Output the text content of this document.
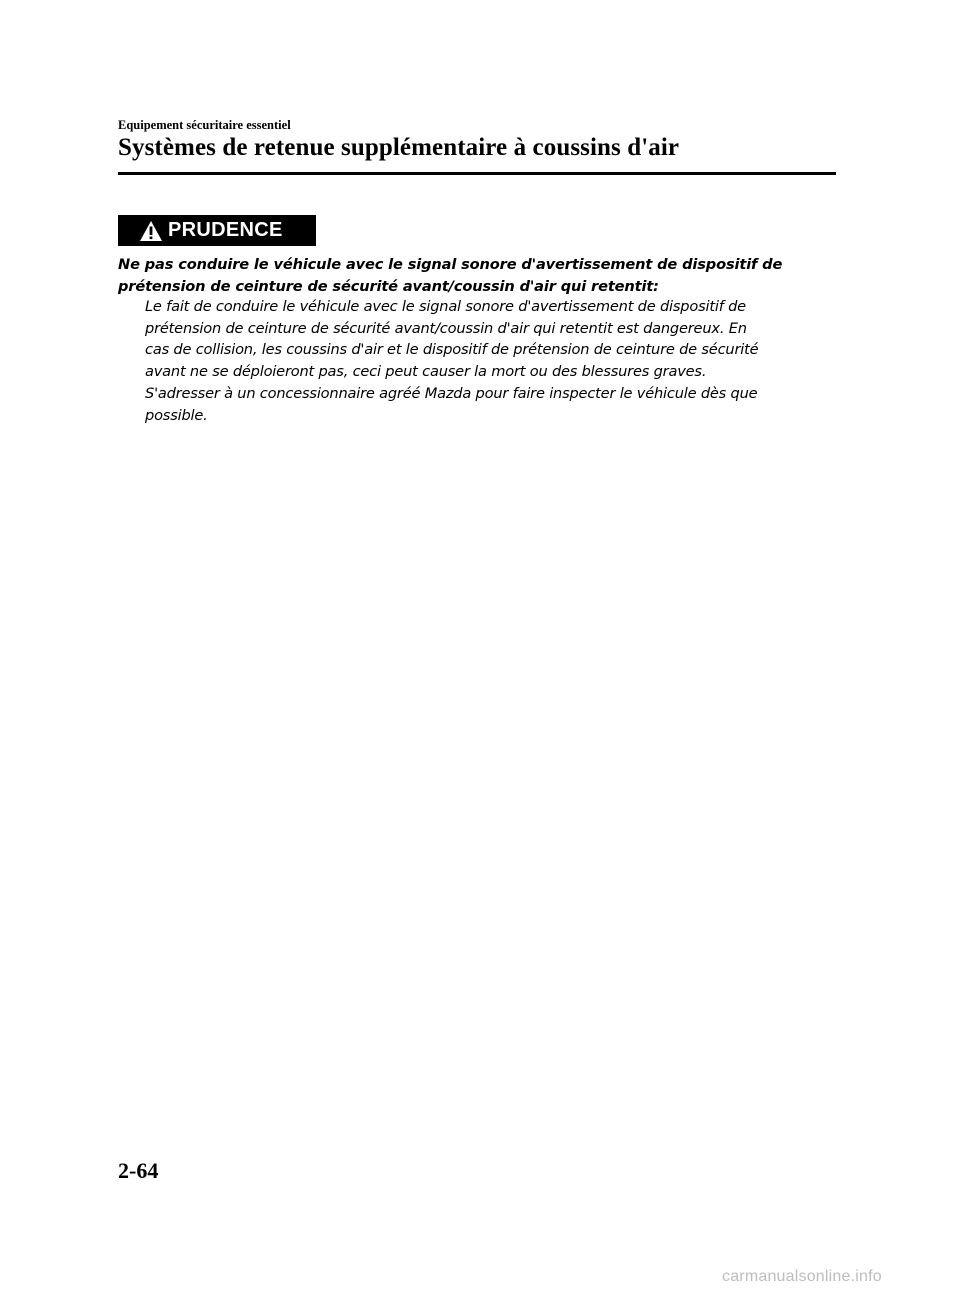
Equipement sécuritaire essentiel
Systèmes de retenue supplémentaire à coussins d'air
PRUDENCE

Ne pas conduire le véhicule avec le signal sonore d'avertissement de dispositif de
prétension de ceinture de sécurité avant/coussin d'air qui retentit:

Le fait de conduire le véhicule avec le signal sonore d'avertissement de dispositif de
prétension de ceinture de sécurité avant/coussin d'air qui retentit est dangereux. En
cas de collision, les coussins d'air et le dispositif de prétension de ceinture de sécurité
avant ne se déploieront pas, ceci peut causer la mort ou des blessures graves.
S'adresser à un concessionnaire agréé Mazda pour faire inspecter le véhicule dès que
possible.

2-64
carmanualsonline.info
